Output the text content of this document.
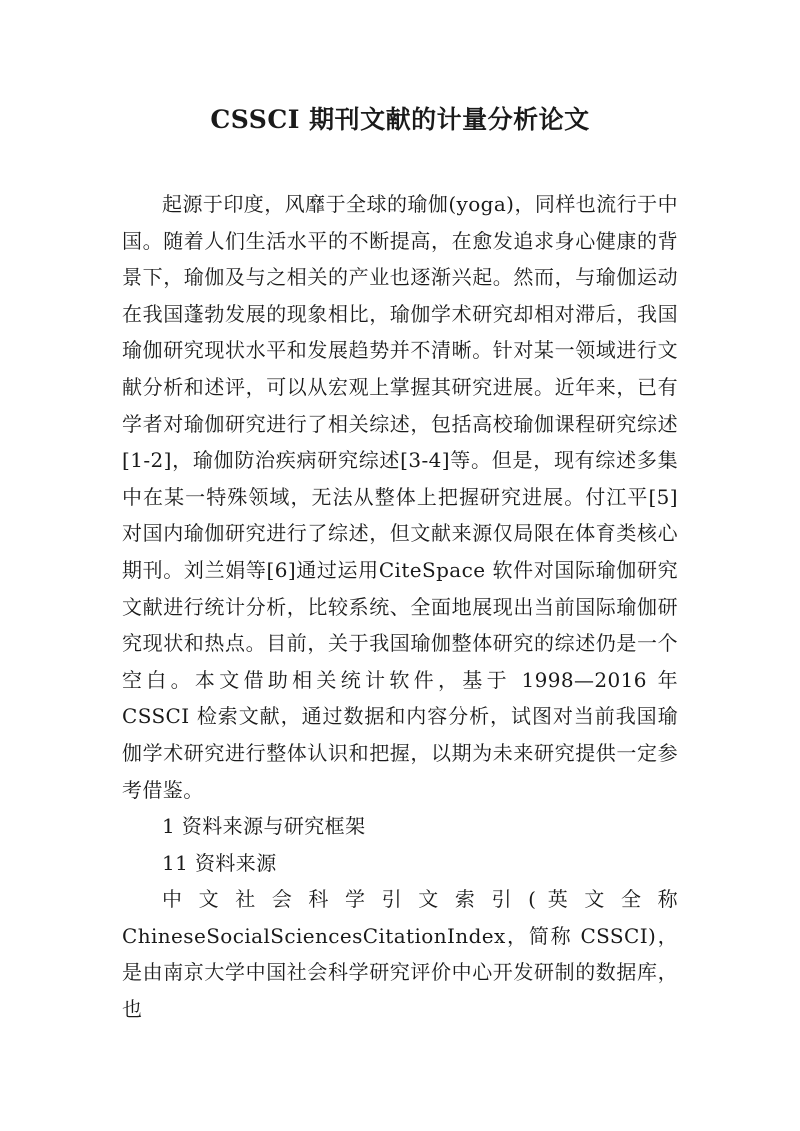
CSSCI 期刊文献的计量分析论文

起源于印度，风靡于全球的瑜伽(yoga)，同样也流行于中国。随着人们生活水平的不断提高，在愈发追求身心健康的背景下，瑜伽及与之相关的产业也逐渐兴起。然而，与瑜伽运动在我国蓬勃发展的现象相比，瑜伽学术研究却相对滞后，我国瑜伽研究现状水平和发展趋势并不清晰。针对某一领域进行文献分析和述评，可以从宏观上掌握其研究进展。近年来，已有学者对瑜伽研究进行了相关综述，包括高校瑜伽课程研究综述[1-2]，瑜伽防治疾病研究综述[3-4]等。但是，现有综述多集中在某一特殊领域，无法从整体上把握研究进展。付江平[5]对国内瑜伽研究进行了综述，但文献来源仅局限在体育类核心期刊。刘兰娟等[6]通过运用CiteSpace 软件对国际瑜伽研究文献进行统计分析，比较系统、全面地展现出当前国际瑜伽研究现状和热点。目前，关于我国瑜伽整体研究的综述仍是一个空白。本文借助相关统计软件，基于 1998—2016 年 CSSCI 检索文献，通过数据和内容分析，试图对当前我国瑜伽学术研究进行整体认识和把握，以期为未来研究提供一定参考借鉴。

1 资料来源与研究框架

11 资料来源

中 文 社 会 科 学 引 文 索 引 ( 英 文 全 称
ChineseSocialSciencesCitationIndex，简称 CSSCI)，是由南京大学中国社会科学研究评价中心开发研制的数据库，也
